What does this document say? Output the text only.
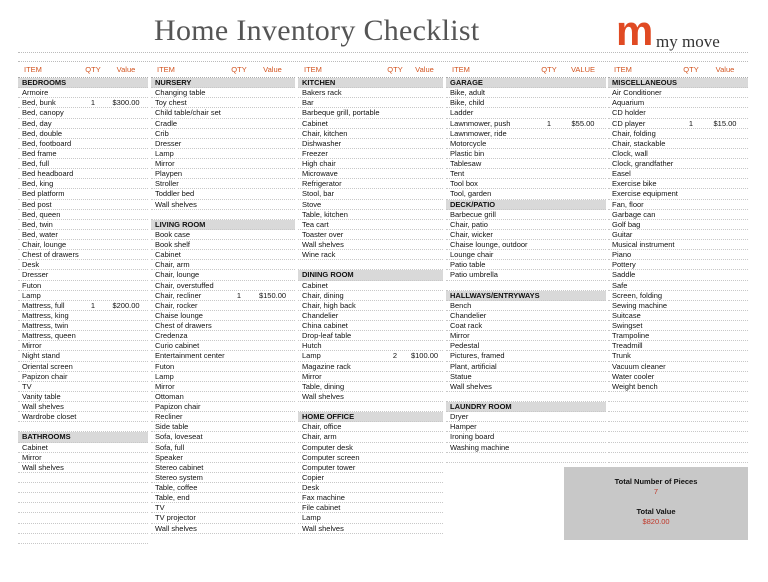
Home Inventory Checklist	m my move
ITEM	QTY	Value
BEDROOMS
Armoire
Bed, bunk	1	$300.00
Bed, canopy
Bed, day
Bed, double
Bed, footboard
Bed frame
Bed, full
Bed headboard
Bed, king
Bed platform
Bed post
Bed, queen
Bed, twin
Bed, water
Chair, lounge
Chest of drawers
Desk
Dresser
Futon
Lamp
Mattress, full	1	$200.00
Mattress, king
Mattress, twin
Mattress, queen
Mirror
Night stand
Oriental screen
Papizon chair
TV
Vanity table
Wall shelves
Wardrobe closet
BATHROOMS
Cabinet
Mirror
Wall shelves
ITEM	QTY	Value
NURSERY
Changing table
Toy chest
Child table/chair set
Cradle
Crib
Dresser
Lamp
Mirror
Playpen
Stroller
Toddler bed
Wall shelves
LIVING ROOM
Book case
Book shelf
Cabinet
Chair, arm
Chair, lounge
Chair, overstuffed
Chair, recliner	1	$150.00
Chair, rocker
Chaise lounge
Chest of drawers
Credenza
Curio cabinet
Entertainment center
Futon
Lamp
Mirror
Ottoman
Papizon chair
Recliner
Side table
Sofa, loveseat
Sofa, full
Speaker
Stereo cabinet
Stereo system
Table, coffee
Table, end
TV
TV projector
Wall shelves
ITEM	QTY	Value
KITCHEN
Bakers rack
Bar
Barbeque grill, portable
Cabinet
Chair, kitchen
Dishwasher
Freezer
High chair
Microwave
Refrigerator
Stool, bar
Stove
Table, kitchen
Tea cart
Toaster over
Wall shelves
Wine rack
DINING ROOM
Cabinet
Chair, dining
Chair, high back
Chandelier
China cabinet
Drop-leaf table
Hutch
Lamp	2	$100.00
Magazine rack
Mirror
Table, dining
Wall shelves
HOME OFFICE
Chair, office
Chair, arm
Computer desk
Computer screen
Computer tower
Copier
Desk
Fax machine
File cabinet
Lamp
Wall shelves
ITEM	QTY	VALUE
GARAGE
Bike, adult
Bike, child
Ladder
Lawnmower, push	1	$55.00
Lawnmower, ride
Motorcycle
Plastic bin
Tablesaw
Tent
Tool box
Tool, garden
DECK/PATIO
Barbecue grill
Chair, patio
Chair, wicker
Chaise lounge, outdoor
Lounge chair
Patio table
Patio umbrella
HALLWAYS/ENTRYWAYS
Bench
Chandelier
Coat rack
Mirror
Pedestal
Pictures, framed
Plant, artificial
Statue
Wall shelves
LAUNDRY ROOM
Dryer
Hamper
Ironing board
Washing machine
ITEM	QTY	Value
MISCELLANEOUS
Air Conditioner
Aquarium
CD holder
CD player	1	$15.00
Chair, folding
Chair, stackable
Clock, wall
Clock, grandfather
Easel
Exercise bike
Exercise equipment
Fan, floor
Garbage can
Golf bag
Guitar
Musical instrument
Piano
Pottery
Saddle
Safe
Screen, folding
Sewing machine
Suitcase
Swingset
Trampoline
Treadmill
Trunk
Vacuum cleaner
Water cooler
Weight bench
Total Number of Pieces
7
Total Value
$820.00
